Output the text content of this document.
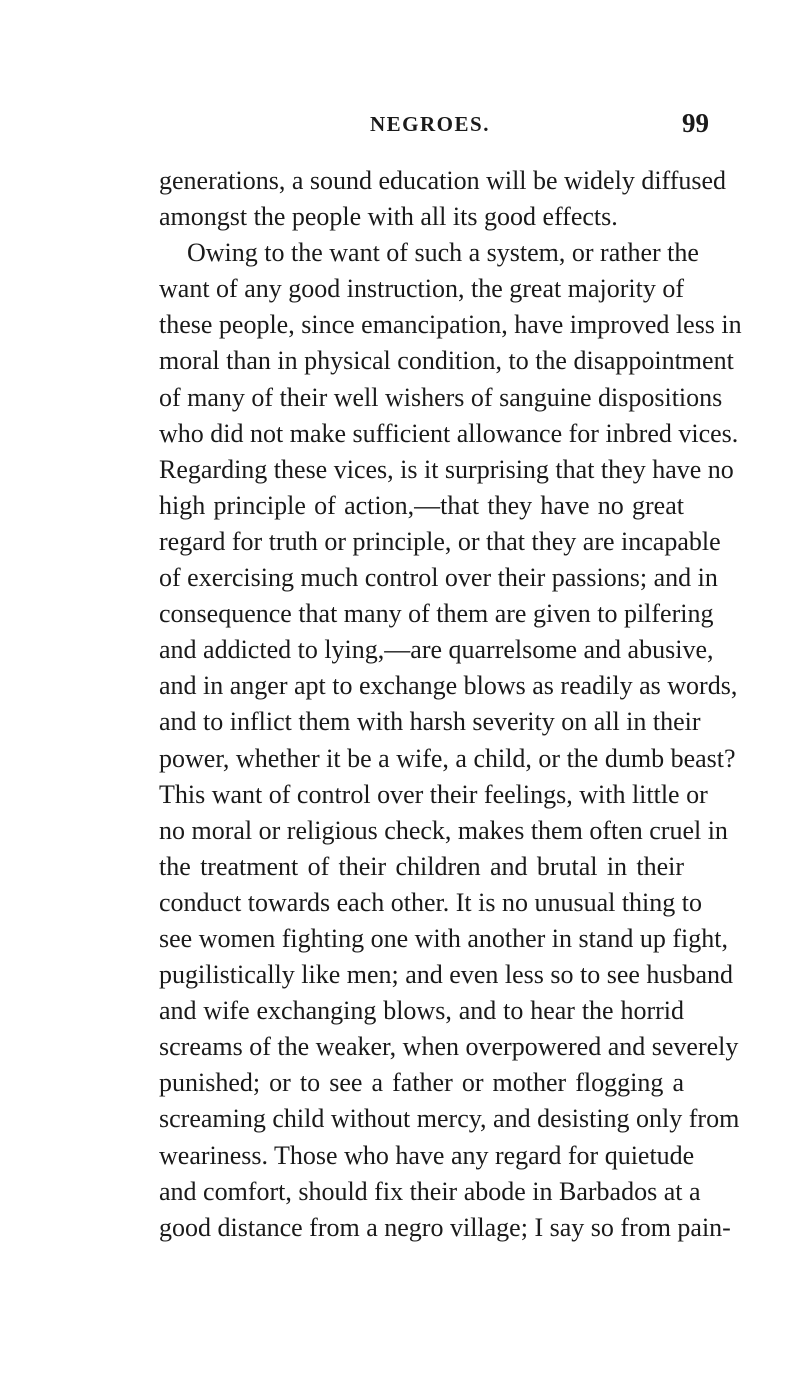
NEGROES.	99
generations, a sound education will be widely diffused
amongst the people with all its good effects.
Owing to the want of such a system, or rather the
want of any good instruction, the great majority of
these people, since emancipation, have improved less in
moral than in physical condition, to the disappointment
of many of their well wishers of sanguine dispositions
who did not make sufficient allowance for inbred vices.
Regarding these vices, is it surprising that they have no
high principle of action,—that they have no great
regard for truth or principle, or that they are incapable
of exercising much control over their passions; and in
consequence that many of them are given to pilfering
and addicted to lying,—are quarrelsome and abusive,
and in anger apt to exchange blows as readily as words,
and to inflict them with harsh severity on all in their
power, whether it be a wife, a child, or the dumb beast?
This want of control over their feelings, with little or
no moral or religious check, makes them often cruel in
the treatment of their children and brutal in their
conduct towards each other. It is no unusual thing to
see women fighting one with another in stand up fight,
pugilistically like men; and even less so to see husband
and wife exchanging blows, and to hear the horrid
screams of the weaker, when overpowered and severely
punished; or to see a father or mother flogging a
screaming child without mercy, and desisting only from
weariness. Those who have any regard for quietude
and comfort, should fix their abode in Barbados at a
good distance from a negro village; I say so from pain-
